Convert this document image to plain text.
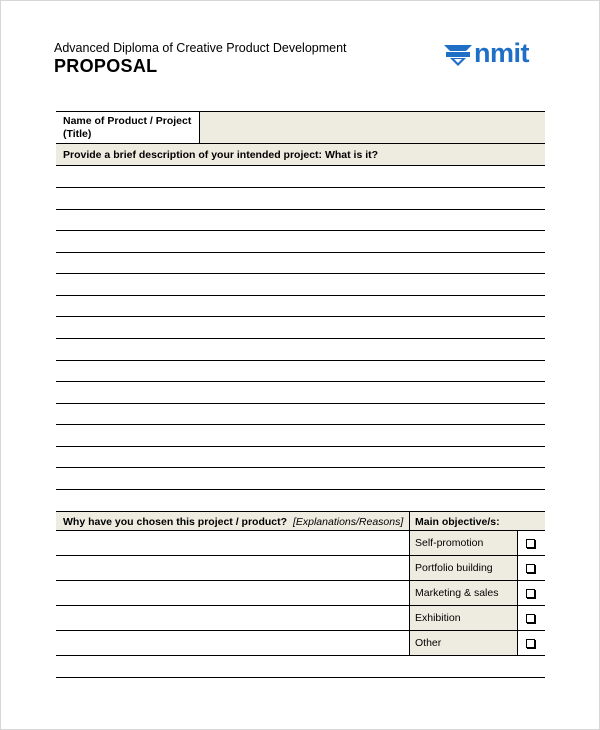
Advanced Diploma of Creative Product Development
PROPOSAL	nmit
Name of Product / Project
(Title)
Provide a brief description of your intended project: What is it?
Why have you chosen this project / product? [Explanations/Reasons] Main objective/s:
Self-promotion
Portfolio building
Marketing & sales
Exhibition
Other
